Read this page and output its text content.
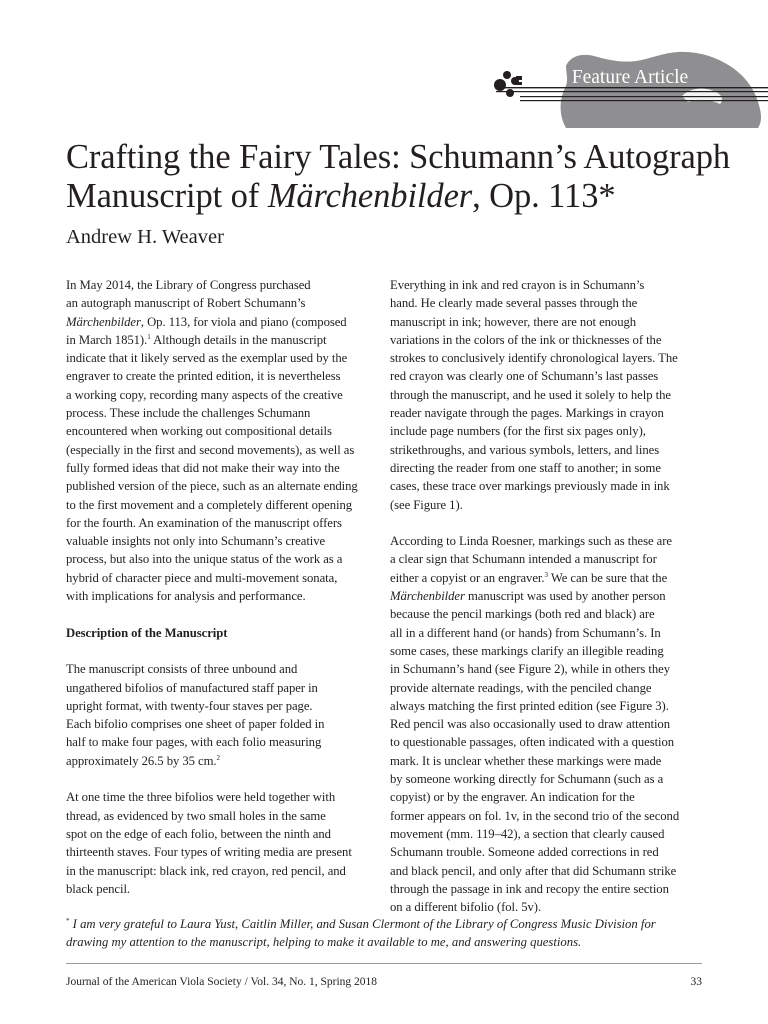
Feature Article
Crafting the Fairy Tales: Schumann’s Autograph
Manuscript of Märchenbilder, Op. 113*
Andrew H. Weaver

In May 2014, the Library of Congress purchased
an autograph manuscript of Robert Schumann’s
Märchenbilder, Op. 113, for viola and piano (composed
in March 1851).$^1$ Although details in the manuscript
indicate that it likely served as the exemplar used by the
engraver to create the printed edition, it is nevertheless
a working copy, recording many aspects of the creative
process. These include the challenges Schumann
encountered when working out compositional details
(especially in the first and second movements), as well as
fully formed ideas that did not make their way into the
published version of the piece, such as an alternate ending
to the first movement and a completely different opening
for the fourth. An examination of the manuscript offers
valuable insights not only into Schumann’s creative
process, but also into the unique status of the work as a
hybrid of character piece and multi-movement sonata,
with implications for analysis and performance.

Description of the Manuscript

The manuscript consists of three unbound and
ungathered bifolios of manufactured staff paper in
upright format, with twenty-four staves per page.
Each bifolio comprises one sheet of paper folded in
half to make four pages, with each folio measuring
approximately 26.5 by 35 cm.$^2$

At one time the three bifolios were held together with
thread, as evidenced by two small holes in the same
spot on the edge of each folio, between the ninth and
thirteenth staves. Four types of writing media are present
in the manuscript: black ink, red crayon, red pencil, and
black pencil.

Everything in ink and red crayon is in Schumann’s
hand. He clearly made several passes through the
manuscript in ink; however, there are not enough
variations in the colors of the ink or thicknesses of the
strokes to conclusively identify chronological layers. The
red crayon was clearly one of Schumann’s last passes
through the manuscript, and he used it solely to help the
reader navigate through the pages. Markings in crayon
include page numbers (for the first six pages only),
strikethroughs, and various symbols, letters, and lines
directing the reader from one staff to another; in some
cases, these trace over markings previously made in ink
(see Figure 1).

According to Linda Roesner, markings such as these are
a clear sign that Schumann intended a manuscript for
either a copyist or an engraver.$^3$ We can be sure that the
Märchenbilder manuscript was used by another person
because the pencil markings (both red and black) are
all in a different hand (or hands) from Schumann’s. In
some cases, these markings clarify an illegible reading
in Schumann’s hand (see Figure 2), while in others they
provide alternate readings, with the penciled change
always matching the first printed edition (see Figure 3).
Red pencil was also occasionally used to draw attention
to questionable passages, often indicated with a question
mark. It is unclear whether these markings were made
by someone working directly for Schumann (such as a
copyist) or by the engraver. An indication for the
former appears on fol. 1v, in the second trio of the second
movement (mm. 119–42), a section that clearly caused
Schumann trouble. Someone added corrections in red
and black pencil, and only after that did Schumann strike
through the passage in ink and recopy the entire section
on a different bifolio (fol. 5v).

* I am very grateful to Laura Yust, Caitlin Miller, and Susan Clermont of the Library of Congress Music Division for
drawing my attention to the manuscript, helping to make it available to me, and answering questions.
Journal of the American Viola Society / Vol. 34, No. 1, Spring 2018	33
